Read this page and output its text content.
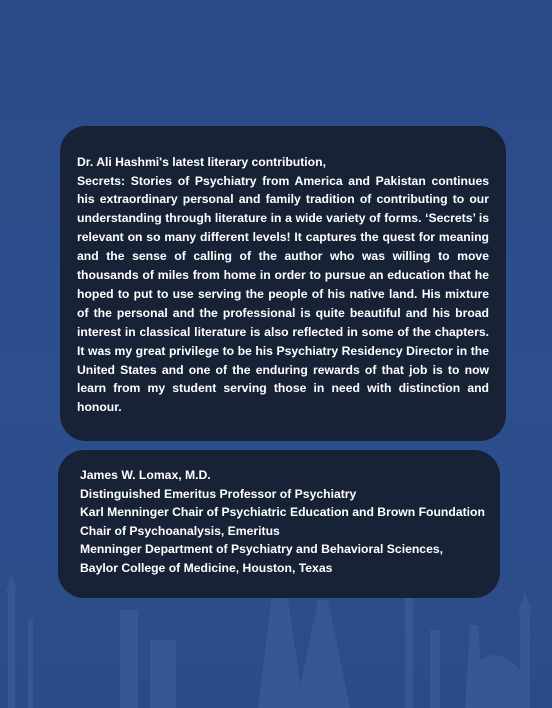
Dr. Ali Hashmi's latest literary contribution,

Secrets: Stories of Psychiatry from America and Pakistan continues his extraordinary personal and family tradition of contributing to our understanding through literature in a wide variety of forms. ‘Secrets’ is relevant on so many different levels! It captures the quest for meaning and the sense of calling of the author who was willing to move thousands of miles from home in order to pursue an education that he hoped to put to use serving the people of his native land. His mixture of the personal and the professional is quite beautiful and his broad interest in classical literature is also reflected in some of the chapters. It was my great privilege to be his Psychiatry Residency Director in the United States and one of the enduring rewards of that job is to now learn from my student serving those in need with distinction and honour.

James W. Lomax, M.D.

Distinguished Emeritus Professor of Psychiatry

Karl Menninger Chair of Psychiatric Education and Brown Foundation

Chair of Psychoanalysis, Emeritus

Menninger Department of Psychiatry and Behavioral Sciences,

Baylor College of Medicine, Houston, Texas
